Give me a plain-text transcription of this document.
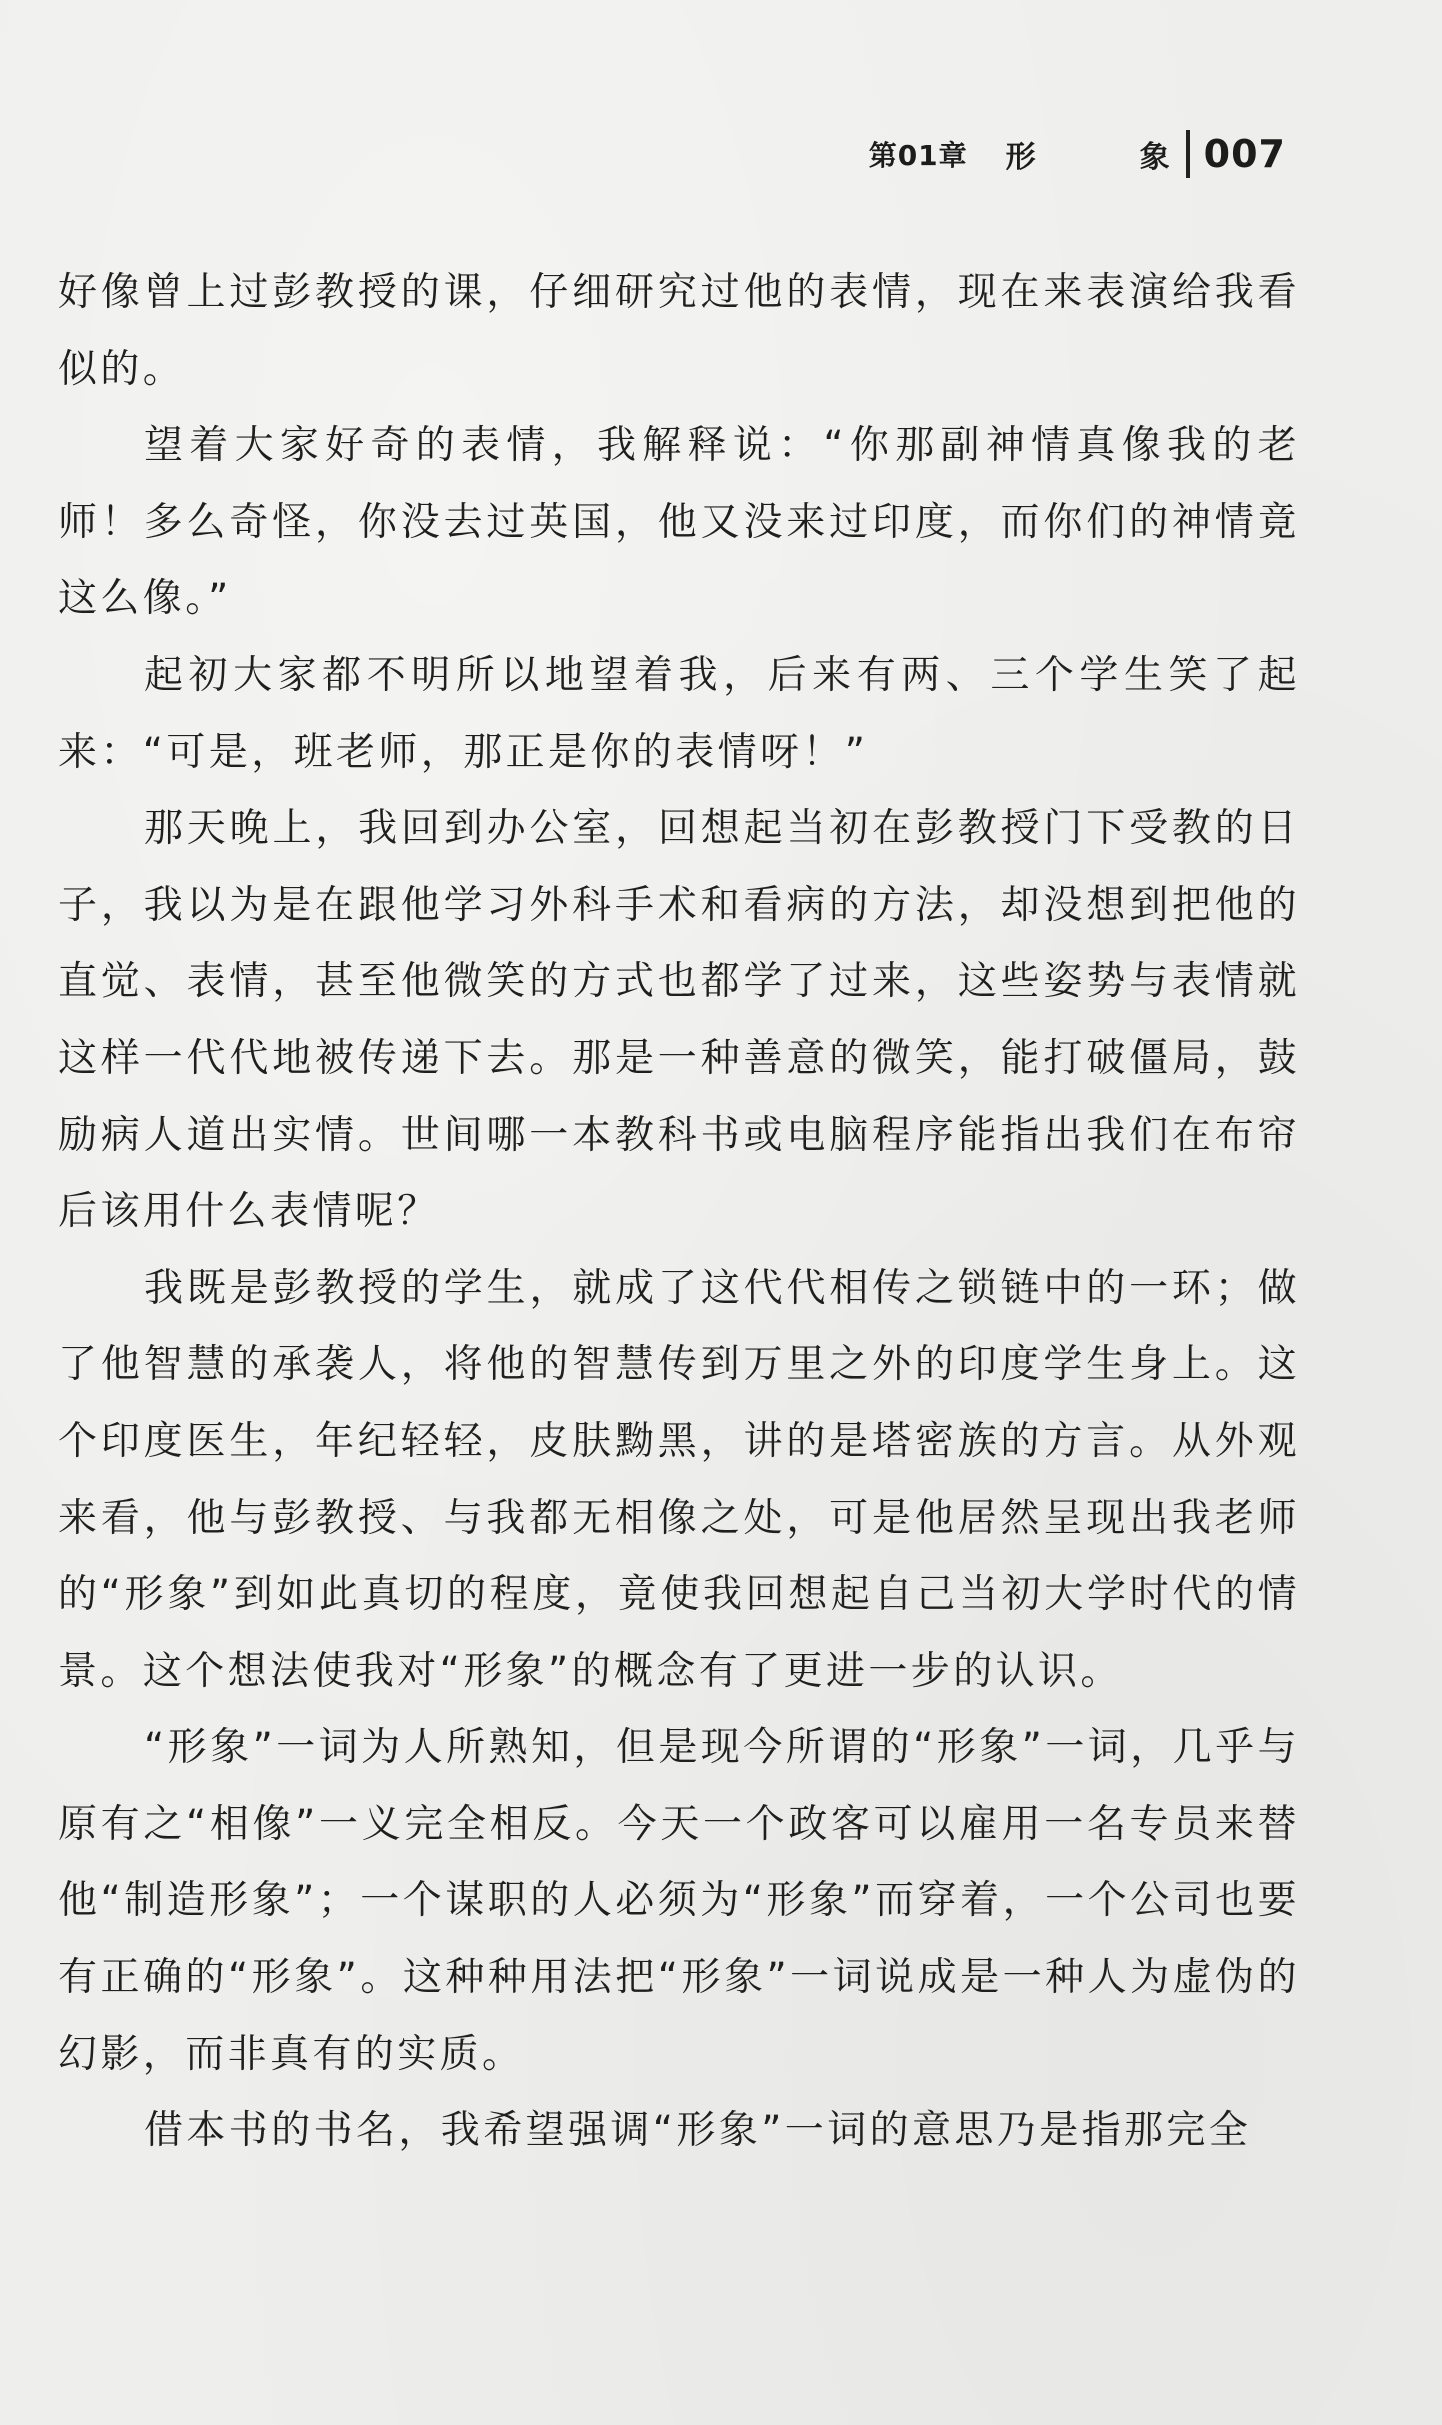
第01章 形	象 007

好像曾上过彭教授的课，仔细研究过他的表情，现在来表演给我看似的。

望着大家好奇的表情，我解释说：“你那副神情真像我的老师！多么奇怪，你没去过英国，他又没来过印度，而你们的神情竟这么像。”

起初大家都不明所以地望着我，后来有两、三个学生笑了起来：“可是，班老师，那正是你的表情呀！”

那天晚上，我回到办公室，回想起当初在彭教授门下受教的日子，我以为是在跟他学习外科手术和看病的方法，却没想到把他的直觉、表情，甚至他微笑的方式也都学了过来，这些姿势与表情就这样一代代地被传递下去。那是一种善意的微笑，能打破僵局，鼓励病人道出实情。世间哪一本教科书或电脑程序能指出我们在布帘后该用什么表情呢？

我既是彭教授的学生，就成了这代代相传之锁链中的一环；做了他智慧的承袭人，将他的智慧传到万里之外的印度学生身上。这个印度医生，年纪轻轻，皮肤黝黑，讲的是塔密族的方言。从外观来看，他与彭教授、与我都无相像之处，可是他居然呈现出我老师的“形象”到如此真切的程度，竟使我回想起自己当初大学时代的情景。这个想法使我对“形象”的概念有了更进一步的认识。

“形象”一词为人所熟知，但是现今所谓的“形象”一词，几乎与原有之“相像”一义完全相反。今天一个政客可以雇用一名专员来替他“制造形象”；一个谋职的人必须为“形象”而穿着，一个公司也要有正确的“形象”。这种种用法把“形象”一词说成是一种人为虚伪的幻影，而非真有的实质。

借本书的书名，我希望强调“形象”一词的意思乃是指那完全
